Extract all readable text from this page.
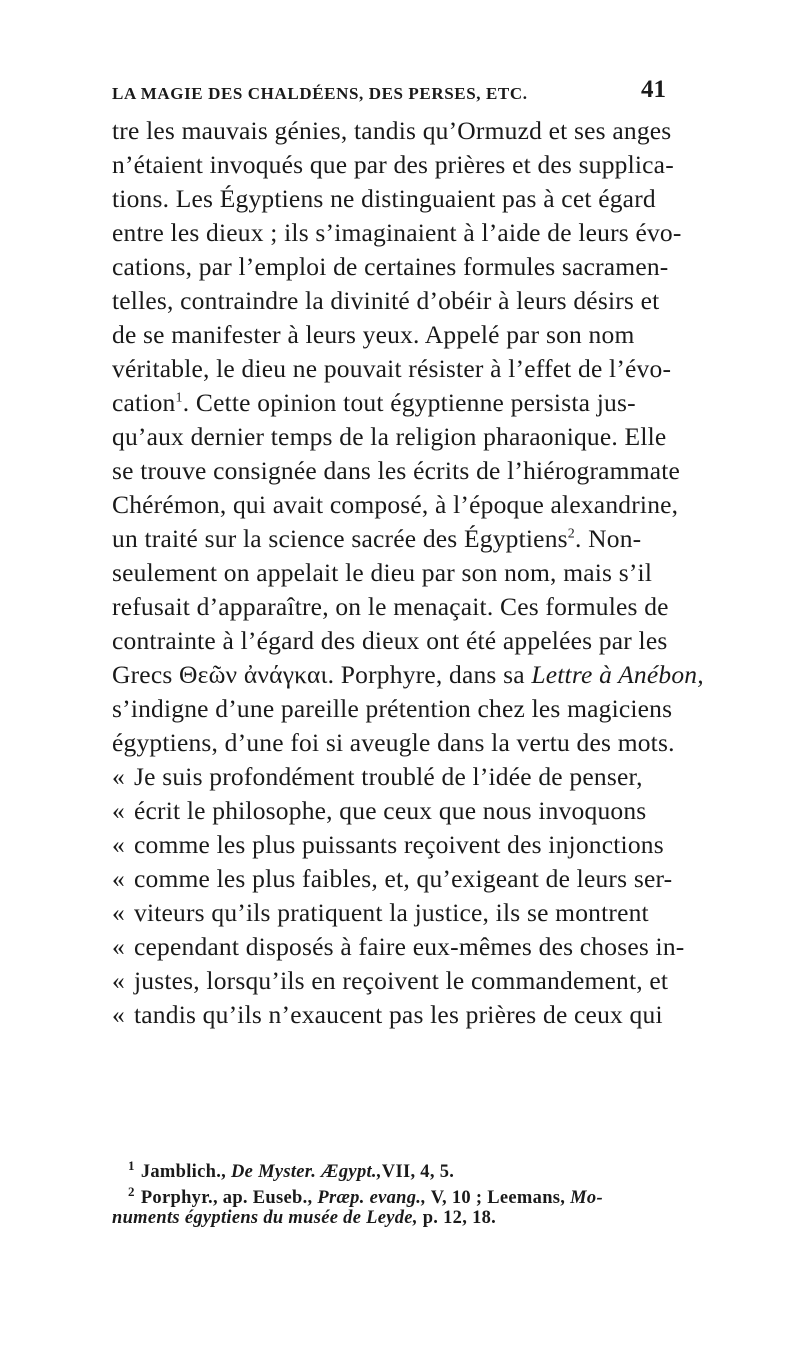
LA MAGIE DES CHALDÉENS, DES PERSES, ETC.	41
tre les mauvais génies, tandis qu’Ormuzd et ses anges
n’étaient invoqués que par des prières et des supplica-
tions. Les Égyptiens ne distinguaient pas à cet égard
entre les dieux ; ils s’imaginaient à l’aide de leurs évo-
cations, par l’emploi de certaines formules sacramen-
telles, contraindre la divinité d’obéir à leurs désirs et
de se manifester à leurs yeux. Appelé par son nom
véritable, le dieu ne pouvait résister à l’effet de l’évo-
cation$^1$. Cette opinion tout égyptienne persista jus-
qu’aux dernier temps de la religion pharaonique. Elle
se trouve consignée dans les écrits de l’hiérogrammate
Chérémon, qui avait composé, à l’époque alexandrine,
un traité sur la science sacrée des Égyptiens$^2$. Non-
seulement on appelait le dieu par son nom, mais s’il
refusait d’apparaître, on le menaçait. Ces formules de
contrainte à l’égard des dieux ont été appelées par les
Grecs Θεῶν ἀνάγκαι. Porphyre, dans sa Lettre à Anébon,
s’indigne d’une pareille prétention chez les magiciens
égyptiens, d’une foi si aveugle dans la vertu des mots.
« Je suis profondément troublé de l’idée de penser,
« écrit le philosophe, que ceux que nous invoquons
« comme les plus puissants reçoivent des injonctions
« comme les plus faibles, et, qu’exigeant de leurs ser-
« viteurs qu’ils pratiquent la justice, ils se montrent
« cependant disposés à faire eux-mêmes des choses in-
« justes, lorsqu’ils en reçoivent le commandement, et
« tandis qu’ils n’exaucent pas les prières de ceux qui
$^1$ Jamblich., De Myster. Ægypt.,VII, 4, 5.
$^2$ Porphyr., ap. Euseb., Præp. evang., V, 10 ; Leemans, Mo-
numents égyptiens du musée de Leyde, p. 12, 18.
